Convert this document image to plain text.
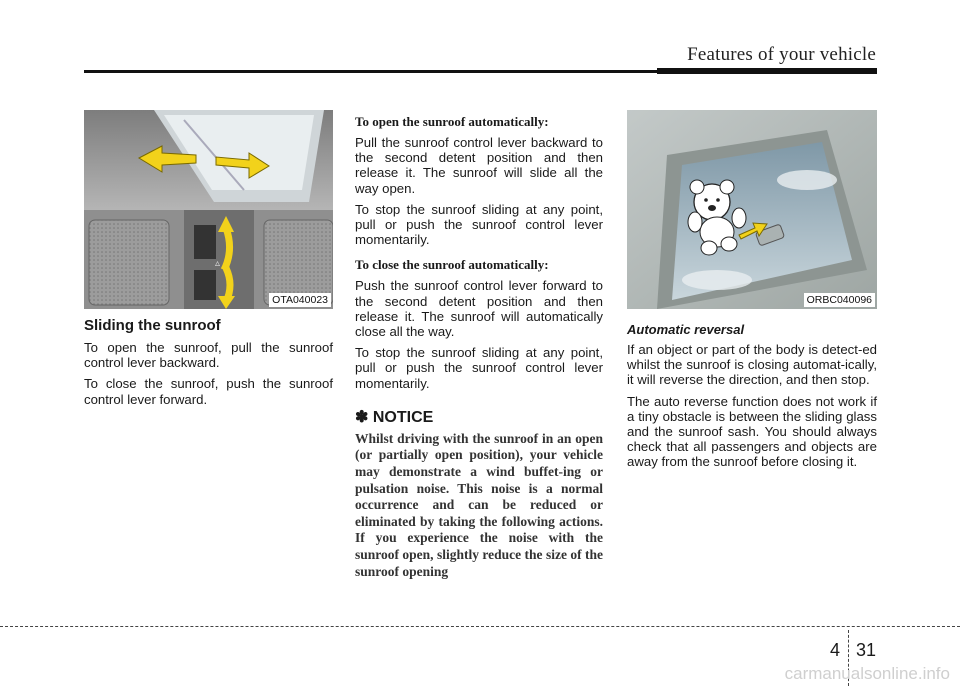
Features of your vehicle
▵
OTA040023
Sliding the sunroof

To open the sunroof, pull the sunroof control lever backward.

To close the sunroof, push the sunroof control lever forward.

To open the sunroof automatically:

Pull the sunroof control lever backward to the second detent position and then release it. The sunroof will slide all the way open.

To stop the sunroof sliding at any point, pull or push the sunroof control lever momentarily.

To close the sunroof automatically:

Push the sunroof control lever forward to the second detent position and then release it. The sunroof will automatically close all the way.

To stop the sunroof sliding at any point, pull or push the sunroof control lever momentarily.

✽ NOTICE

Whilst driving with the sunroof in an open (or partially open position), your vehicle may demonstrate a wind buffet-ing or pulsation noise. This noise is a normal occurrence and can be reduced or eliminated by taking the following actions. If you experience the noise with the sunroof open, slightly reduce the size of the sunroof opening

ORBC040096
Automatic reversal

If an object or part of the body is detect-ed whilst the sunroof is closing automat-ically, it will reverse the direction, and then stop.

The auto reverse function does not work if a tiny obstacle is between the sliding glass and the sunroof sash. You should always check that all passengers and objects are away from the sunroof before closing it.

4 31
carmanualsonline.info
